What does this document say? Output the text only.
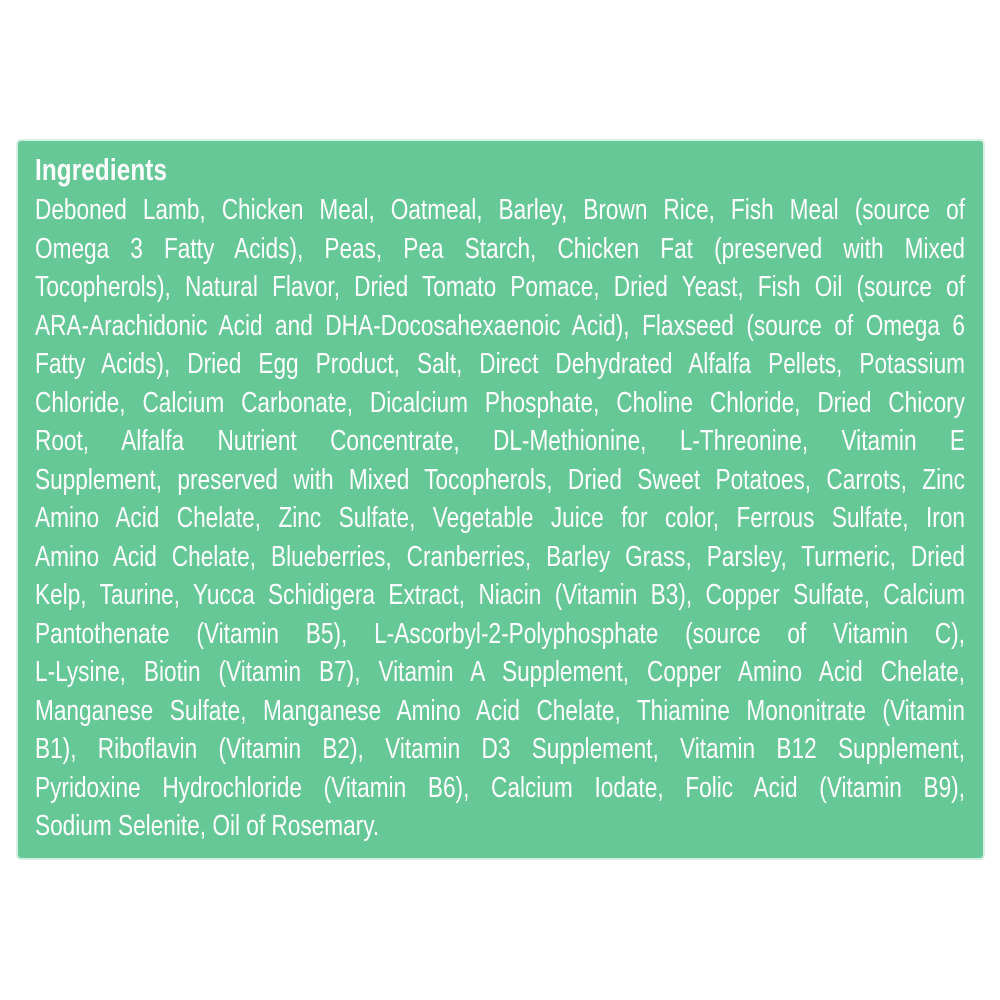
Ingredients
Deboned Lamb, Chicken Meal, Oatmeal, Barley, Brown Rice, Fish Meal (source of
Omega 3 Fatty Acids), Peas, Pea Starch, Chicken Fat (preserved with Mixed
Tocopherols), Natural Flavor, Dried Tomato Pomace, Dried Yeast, Fish Oil (source of
ARA-Arachidonic Acid and DHA-Docosahexaenoic Acid), Flaxseed (source of Omega 6
Fatty Acids), Dried Egg Product, Salt, Direct Dehydrated Alfalfa Pellets, Potassium
Chloride, Calcium Carbonate, Dicalcium Phosphate, Choline Chloride, Dried Chicory
Root, Alfalfa Nutrient Concentrate, DL-Methionine, L-Threonine, Vitamin E
Supplement, preserved with Mixed Tocopherols, Dried Sweet Potatoes, Carrots, Zinc
Amino Acid Chelate, Zinc Sulfate, Vegetable Juice for color, Ferrous Sulfate, Iron
Amino Acid Chelate, Blueberries, Cranberries, Barley Grass, Parsley, Turmeric, Dried
Kelp, Taurine, Yucca Schidigera Extract, Niacin (Vitamin B3), Copper Sulfate, Calcium
Pantothenate (Vitamin B5), L-Ascorbyl-2-Polyphosphate (source of Vitamin C),
L-Lysine, Biotin (Vitamin B7), Vitamin A Supplement, Copper Amino Acid Chelate,
Manganese Sulfate, Manganese Amino Acid Chelate, Thiamine Mononitrate (Vitamin
B1), Riboflavin (Vitamin B2), Vitamin D3 Supplement, Vitamin B12 Supplement,
Pyridoxine Hydrochloride (Vitamin B6), Calcium Iodate, Folic Acid (Vitamin B9),
Sodium Selenite, Oil of Rosemary.
